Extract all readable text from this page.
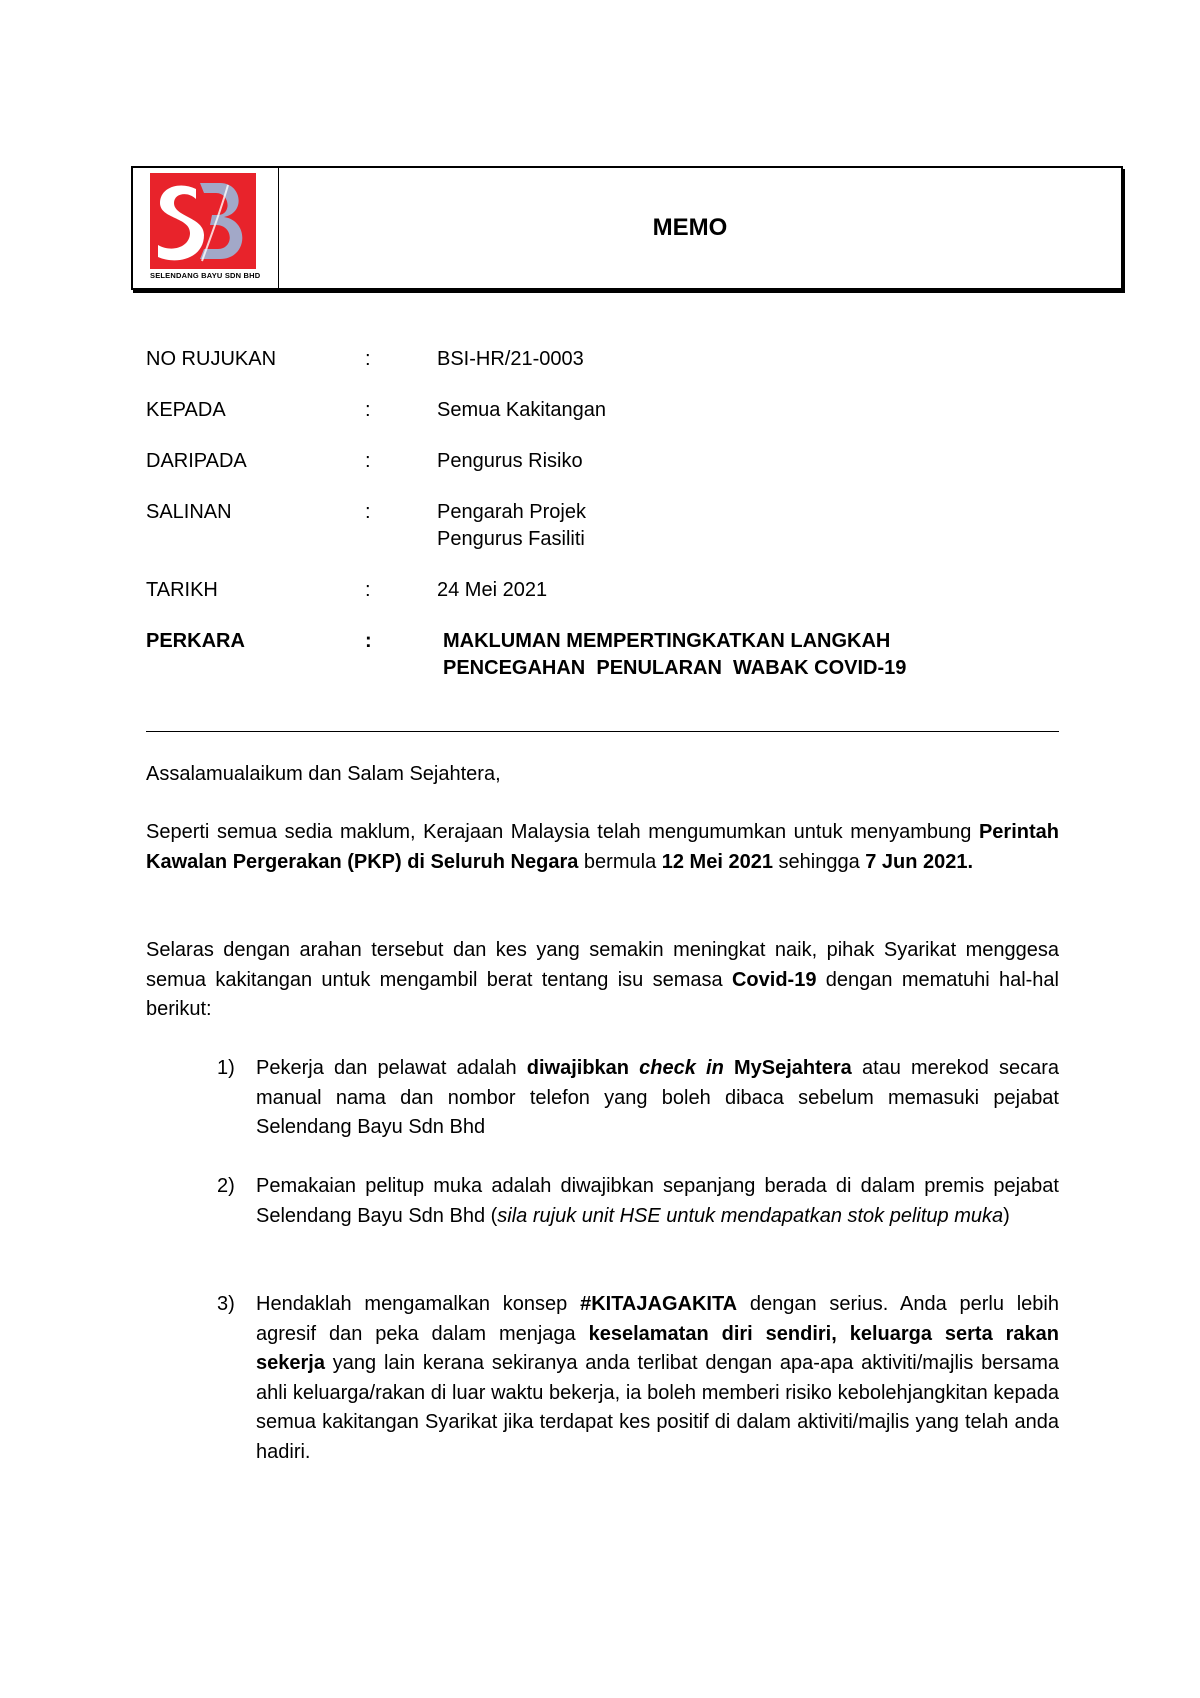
SELENDANG BAYU SDN BHD
MEMO
NO RUJUKAN	:	BSI-HR/21-0003
KEPADA	:	Semua Kakitangan
DARIPADA	:	Pengurus Risiko
SALINAN	:	Pengarah Projek
Pengurus Fasiliti
TARIKH	:	24 Mei 2021
PERKARA	:	MAKLUMAN MEMPERTINGKATKAN LANGKAH
PENCEGAHAN  PENULARAN  WABAK COVID-19
Assalamualaikum dan Salam Sejahtera,
Seperti semua sedia maklum, Kerajaan Malaysia telah mengumumkan untuk menyambung Perintah Kawalan Pergerakan (PKP) di Seluruh Negara bermula 12 Mei 2021 sehingga 7 Jun 2021.
Selaras dengan arahan tersebut dan kes yang semakin meningkat naik, pihak Syarikat menggesa semua kakitangan untuk mengambil berat tentang isu semasa Covid-19 dengan mematuhi hal-hal berikut:
1) Pekerja dan pelawat adalah diwajibkan check in MySejahtera atau merekod secara manual nama dan nombor telefon yang boleh dibaca sebelum memasuki pejabat Selendang Bayu Sdn Bhd
2) Pemakaian pelitup muka adalah diwajibkan sepanjang berada di dalam premis pejabat Selendang Bayu Sdn Bhd (sila rujuk unit HSE untuk mendapatkan stok pelitup muka)
3) Hendaklah mengamalkan konsep #KITAJAGAKITA dengan serius. Anda perlu lebih agresif dan peka dalam menjaga keselamatan diri sendiri, keluarga serta rakan sekerja yang lain kerana sekiranya anda terlibat dengan apa-apa aktiviti/majlis bersama ahli keluarga/rakan di luar waktu bekerja, ia boleh memberi risiko kebolehjangkitan kepada semua kakitangan Syarikat jika terdapat kes positif di dalam aktiviti/majlis yang telah anda hadiri.
